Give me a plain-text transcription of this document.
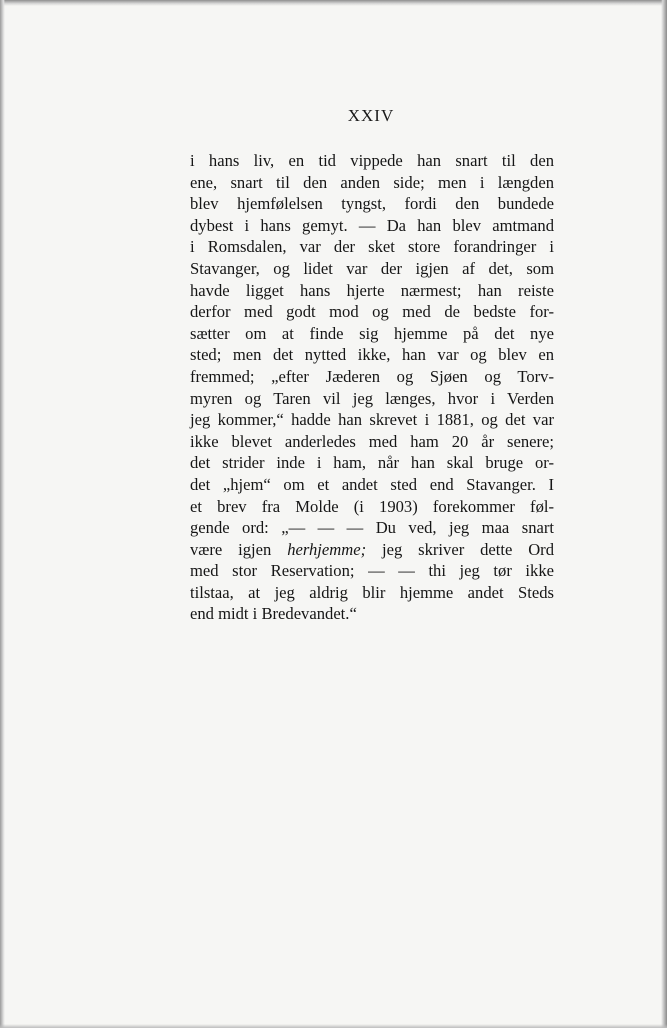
XXIV
i hans liv, en tid vippede han snart til den
ene, snart til den anden side; men i længden
blev hjemfølelsen tyngst, fordi den bundede
dybest i hans gemyt. — Da han blev amtmand
i Romsdalen, var der sket store forandringer i
Stavanger, og lidet var der igjen af det, som
havde ligget hans hjerte nærmest; han reiste
derfor med godt mod og med de bedste for-
sætter om at finde sig hjemme på det nye
sted; men det nytted ikke, han var og blev en
fremmed; „efter Jæderen og Sjøen og Torv-
myren og Taren vil jeg længes, hvor i Verden
jeg kommer,“ hadde han skrevet i 1881, og det var
ikke blevet anderledes med ham 20 år senere;
det strider inde i ham, når han skal bruge or-
det „hjem“ om et andet sted end Stavanger. I
et brev fra Molde (i 1903) forekommer føl-
gende ord: „— — — Du ved, jeg maa snart
være igjen herhjemme; jeg skriver dette Ord
med stor Reservation; — — thi jeg tør ikke
tilstaa, at jeg aldrig blir hjemme andet Steds
end midt i Bredevandet.“
